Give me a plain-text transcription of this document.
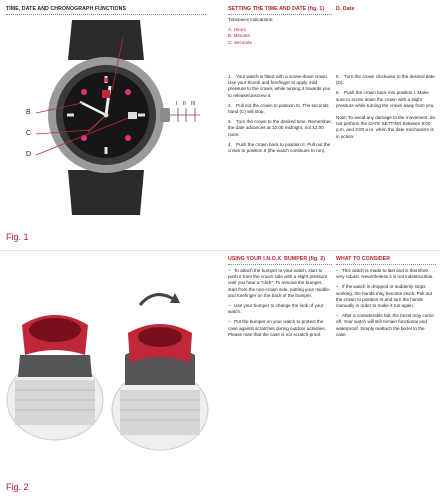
TIME, DATE AND CHRONOGRAPH FUNCTIONS
A
B
C
D
I II III
Fig. 1
SETTING THE TIME AND DATE (fig. 1) D. Date
Timepiece indications:
A. Hours
B. Minutes
C. Seconds
1. Your watch is fitted with a screw-down crown. Use your thumb and forefinger to apply mild pressure to the crown, while turning it towards you to release/unscrew it.
2. Pull out the crown to position III. The seconds hand (C) will stop.
3. Turn the crown to the desired time. Remember, the date advances at 12:00 midnight, not 12:00 noon.
4. Push the crown back to position II. Pull out the crown to position II (the watch continues to run).
5. Turn the crown clockwise to the desired date (D).
6. Push the crown back into position I. Make sure to screw down the crown with a slight pressure while turning the crown away from you.
Note: To avoid any damage to the movement, do not perform the DATE SETTING between 9:00 p.m. and 3:00 a.m. when the date mechanism is in action.
Fig. 2
USING YOUR I.N.O.X. BUMPER (fig. 2)
– To attach the bumper to your watch, start to push it from the crown side with a slight pressure until you hear a "click". To remove the bumper, start from the non-crown side, putting your middle- and forefinger on the back of the bumper.
– Use your bumper to change the look of your watch.
– Put the bumper on your watch to protect the case against scratches during outdoor activities. Please note that the case is not scratch-proof.
WHAT TO CONSIDER
– This watch is made to last and is therefore very robust. Nevertheless it is not indestructible.
– If the watch is dropped or suddenly stops working, the hands may become stuck. Pull out the crown to position III and turn the hands manually in order to make it run again.
– After a considerable fall, the bezel may come off. Your watch will still remain functional and waterproof. Simply reattach the bezel to the case.
